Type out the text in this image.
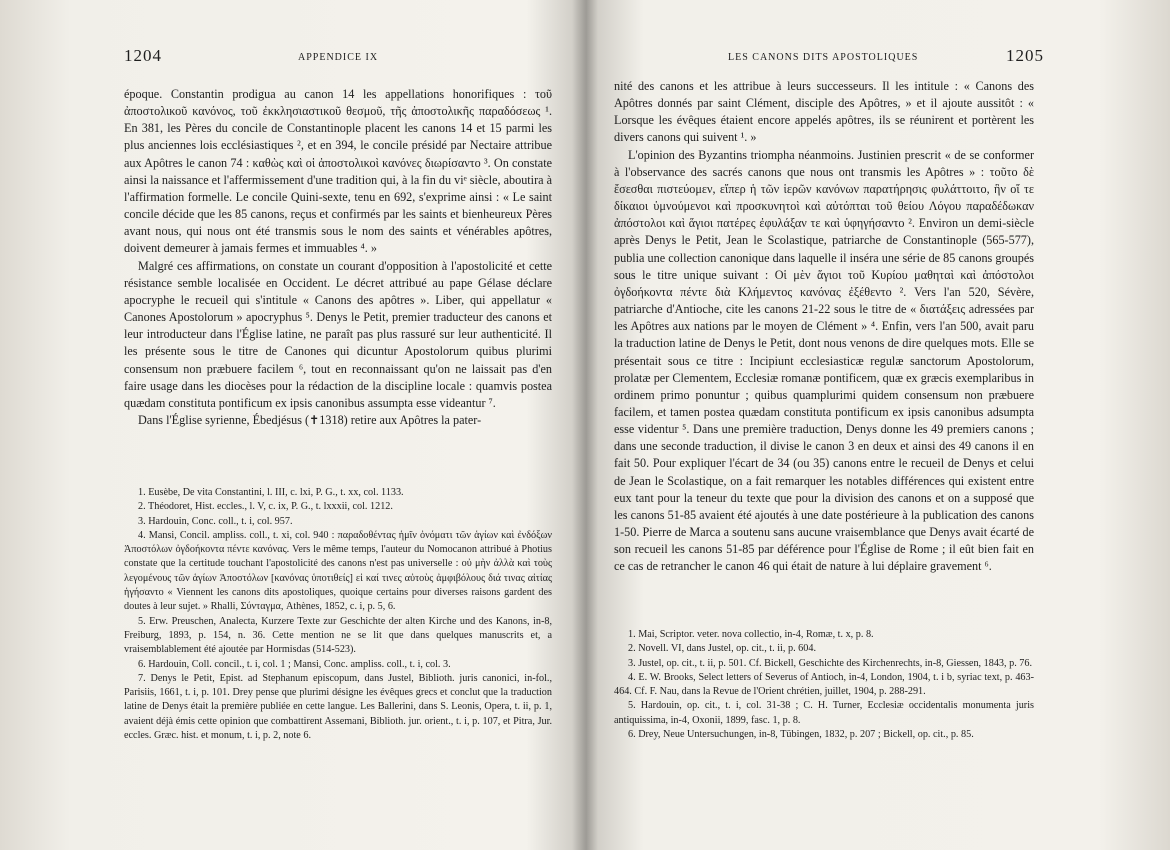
1204	APPENDICE IX

époque. Constantin prodigua au canon 14 les appellations honorifiques : τοῦ ἀποστολικοῦ κανόνος, τοῦ ἐκκλησιαστικοῦ θεσμοῦ, τῆς ἀποστολικῆς παραδόσεως ¹. En 381, les Pères du concile de Constantinople placent les canons 14 et 15 parmi les plus anciennes lois ecclésiastiques ², et en 394, le concile présidé par Nectaire attribue aux Apôtres le canon 74 : καθὼς καὶ οἱ ἀποστολικοὶ κανόνες διωρίσαντο ³. On constate ainsi la naissance et l'affermissement d'une tradition qui, à la fin du viᵉ siècle, aboutira à l'affirmation formelle. Le concile Quini-sexte, tenu en 692, s'exprime ainsi : « Le saint concile décide que les 85 canons, reçus et confirmés par les saints et bienheureux Pères avant nous, qui nous ont été transmis sous le nom des saints et vénérables apôtres, doivent demeurer à jamais fermes et immuables ⁴. »

Malgré ces affirmations, on constate un courant d'opposition à l'apostolicité et cette résistance semble localisée en Occident. Le décret attribué au pape Gélase déclare apocryphe le recueil qui s'intitule « Canons des apôtres ». Liber, qui appellatur « Canones Apostolorum » apocryphus ⁵. Denys le Petit, premier traducteur des canons et leur introducteur dans l'Église latine, ne paraît pas plus rassuré sur leur authenticité. Il les présente sous le titre de Canones qui dicuntur Apostolorum quibus plurimi consensum non præbuere facilem ⁶, tout en reconnaissant qu'on ne laissait pas d'en faire usage dans les diocèses pour la rédaction de la discipline locale : quamvis postea quædam constituta pontificum ex ipsis canonibus assumpta esse videantur ⁷.

Dans l'Église syrienne, Ébedjésus (✝1318) retire aux Apôtres la pater-

1. Eusèbe, De vita Constantini, l. III, c. lxi, P. G., t. xx, col. 1133.

2. Théodoret, Hist. eccles., l. V, c. ix, P. G., t. lxxxii, col. 1212.

3. Hardouin, Conc. coll., t. i, col. 957.

4. Mansi, Concil. ampliss. coll., t. xi, col. 940 : παραδοθέντας ἡμῖν ὀνόματι τῶν ἁγίων καὶ ἐνδόξων Ἀποστόλων ὀγδοήκοντα πέντε κανόνας. Vers le même temps, l'auteur du Nomocanon attribué à Photius constate que la certitude touchant l'apostolicité des canons n'est pas universelle : οὐ μὴν ἀλλὰ καὶ τοὺς λεγομένους τῶν ἁγίων Ἀποστόλων [κανόνας ὑποτιθείς] εἰ καί τινες αὐτοὺς ἀμφιβόλους διά τινας αἰτίας ἡγήσαντο « Viennent les canons dits apostoliques, quoique certains pour diverses raisons gardent des doutes à leur sujet. » Rhalli, Σύνταγμα, Athènes, 1852, c. i, p. 5, 6.

5. Erw. Preuschen, Analecta, Kurzere Texte zur Geschichte der alten Kirche und des Kanons, in-8, Freiburg, 1893, p. 154, n. 36. Cette mention ne se lit que dans quelques manuscrits et, a vraisemblablement été ajoutée par Hormisdas (514-523).

6. Hardouin, Coll. concil., t. i, col. 1 ; Mansi, Conc. ampliss. coll., t. i, col. 3.

7. Denys le Petit, Epist. ad Stephanum episcopum, dans Justel, Biblioth. juris canonici, in-fol., Parisiis, 1661, t. i, p. 101. Drey pense que plurimi désigne les évêques grecs et conclut que la traduction latine de Denys était la première publiée en cette langue. Les Ballerini, dans S. Leonis, Opera, t. ii, p. 1, avaient déjà émis cette opinion que combattirent Assemani, Biblioth. jur. orient., t. i, p. 107, et Pitra, Jur. eccles. Græc. hist. et monum, t. i, p. 2, note 6.

LES CANONS DITS APOSTOLIQUES	1205

nité des canons et les attribue à leurs successeurs. Il les intitule : « Canons des Apôtres donnés par saint Clément, disciple des Apôtres, » et il ajoute aussitôt : « Lorsque les évêques étaient encore appelés apôtres, ils se réunirent et portèrent les divers canons qui suivent ¹. »

L'opinion des Byzantins triompha néanmoins. Justinien prescrit « de se conformer à l'observance des sacrés canons que nous ont transmis les Apôtres » : τοῦτο δὲ ἔσεσθαι πιστεύομεν, εἴπερ ἡ τῶν ἱερῶν κανόνων παρατήρησις φυλάττοιτο, ἣν οἵ τε δίκαιοι ὑμνούμενοι καὶ προσκυνητοὶ καὶ αὐτόπται τοῦ θείου Λόγου παραδέδωκαν ἀπόστολοι καὶ ἅγιοι πατέρες ἐφυλάξαν τε καὶ ὑφηγήσαντο ². Environ un demi-siècle après Denys le Petit, Jean le Scolastique, patriarche de Constantinople (565-577), publia une collection canonique dans laquelle il inséra une série de 85 canons groupés sous le titre unique suivant : Οἱ μὲν ἅγιοι τοῦ Κυρίου μαθηταὶ καὶ ἀπόστολοι ὀγδοήκοντα πέντε διὰ Κλήμεντος κανόνας ἐξέθεντο ². Vers l'an 520, Sévère, patriarche d'Antioche, cite les canons 21-22 sous le titre de « διατάξεις adressées par les Apôtres aux nations par le moyen de Clément » ⁴. Enfin, vers l'an 500, avait paru la traduction latine de Denys le Petit, dont nous venons de dire quelques mots. Elle se présentait sous ce titre : Incipiunt ecclesiasticæ regulæ sanctorum Apostolorum, prolatæ per Clementem, Ecclesiæ romanæ pontificem, quæ ex græcis exemplaribus in ordinem primo ponuntur ; quibus quamplurimi quidem consensum non præbuere facilem, et tamen postea quædam constituta pontificum ex ipsis canonibus adsumpta esse videntur ⁵. Dans une première traduction, Denys donne les 49 premiers canons ; dans une seconde traduction, il divise le canon 3 en deux et ainsi des 49 canons il en fait 50. Pour expliquer l'écart de 34 (ou 35) canons entre le recueil de Denys et celui de Jean le Scolastique, on a fait remarquer les notables différences qui existent entre eux tant pour la teneur du texte que pour la division des canons et on a supposé que les canons 51-85 avaient été ajoutés à une date postérieure à la publication des canons 1-50. Pierre de Marca a soutenu sans aucune vraisemblance que Denys avait écarté de son recueil les canons 51-85 par déférence pour l'Église de Rome ; il eût bien fait en ce cas de retrancher le canon 46 qui était de nature à lui déplaire gravement ⁶.

1. Mai, Scriptor. veter. nova collectio, in-4, Romæ, t. x, p. 8.

2. Novell. VI, dans Justel, op. cit., t. ii, p. 604.

3. Justel, op. cit., t. ii, p. 501. Cf. Bickell, Geschichte des Kirchenrechts, in-8, Giessen, 1843, p. 76.

4. E. W. Brooks, Select letters of Severus of Antioch, in-4, London, 1904, t. i b, syriac text, p. 463-464. Cf. F. Nau, dans la Revue de l'Orient chrétien, juillet, 1904, p. 288-291.

5. Hardouin, op. cit., t. i, col. 31-38 ; C. H. Turner, Ecclesiæ occidentalis monumenta juris antiquissima, in-4, Oxonii, 1899, fasc. 1, p. 8.

6. Drey, Neue Untersuchungen, in-8, Tübingen, 1832, p. 207 ; Bickell, op. cit., p. 85.
